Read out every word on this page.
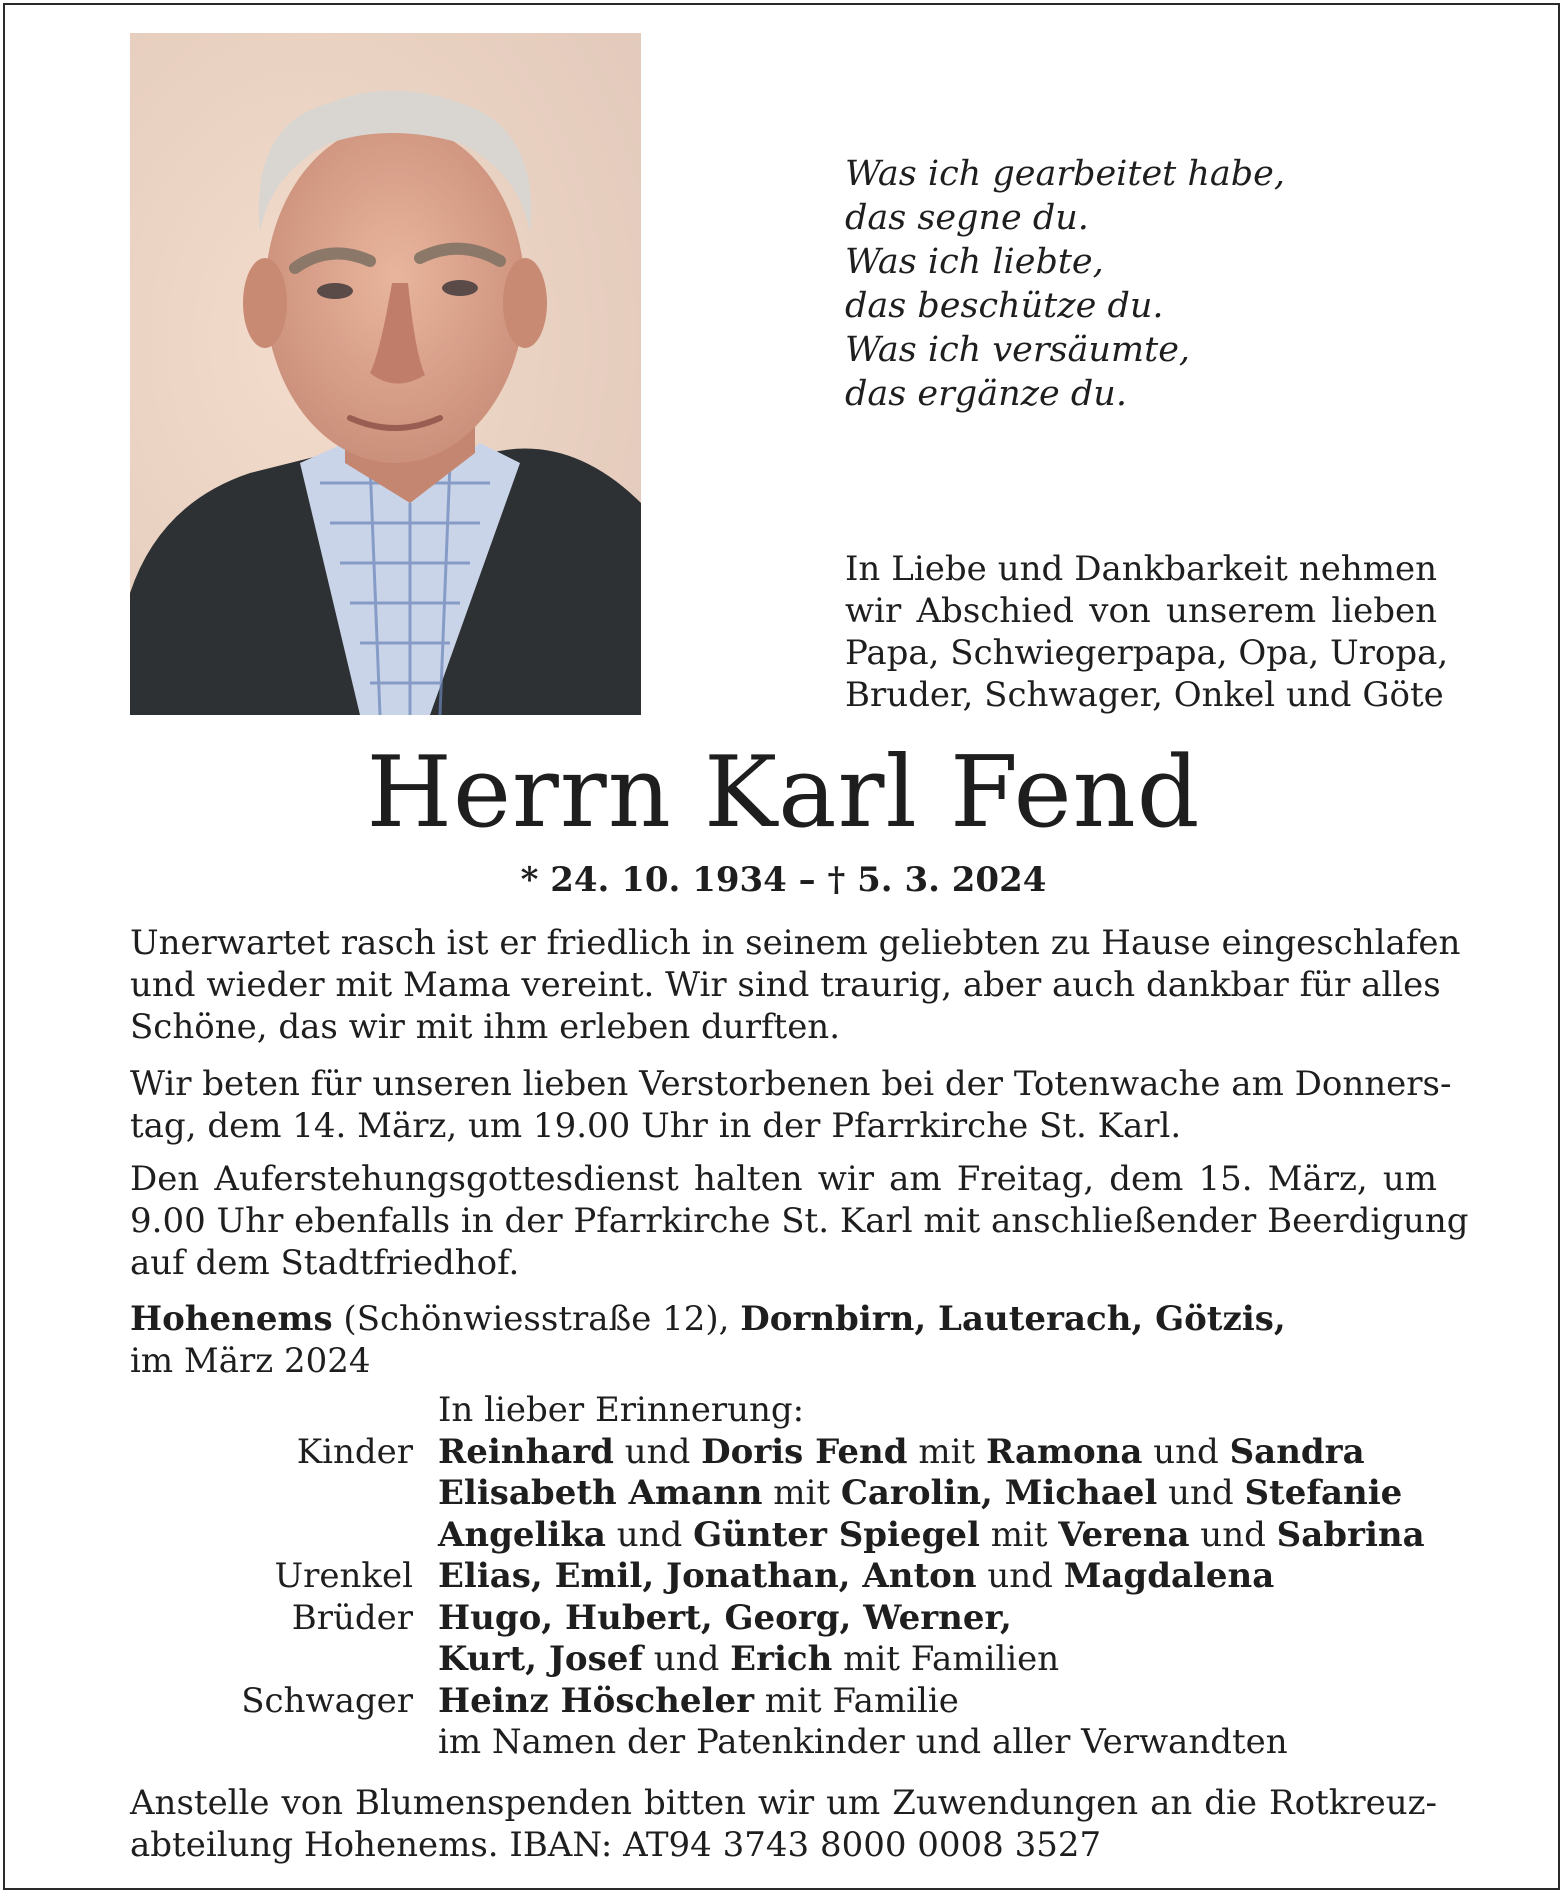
Was ich gearbeitet habe,
das segne du.
Was ich liebte,
das beschütze du.
Was ich versäumte,
das ergänze du.
In Liebe und Dankbarkeit nehmen
wir Abschied von unserem lieben
Papa, Schwiegerpapa, Opa, Uropa,
Bruder, Schwager, Onkel und Göte
Herrn Karl Fend
* 24. 10. 1934 – † 5. 3. 2024
Unerwartet rasch ist er friedlich in seinem geliebten zu Hause eingeschlafen
und wieder mit Mama vereint. Wir sind traurig, aber auch dankbar für alles
Schöne, das wir mit ihm erleben durften.
Wir beten für unseren lieben Verstorbenen bei der Totenwache am Donners-
tag, dem 14. März, um 19.00 Uhr in der Pfarrkirche St. Karl.
Den Auferstehungsgottesdienst halten wir am Freitag, dem 15. März, um
9.00 Uhr ebenfalls in der Pfarrkirche St. Karl mit anschließender Beerdigung
auf dem Stadtfriedhof.
Hohenems (Schönwiesstraße 12), Dornbirn, Lauterach, Götzis,
im März 2024
In lieber Erinnerung:
Kinder Reinhard und Doris Fend mit Ramona und Sandra
Elisabeth Amann mit Carolin, Michael und Stefanie
Angelika und Günter Spiegel mit Verena und Sabrina
Urenkel Elias, Emil, Jonathan, Anton und Magdalena
Brüder Hugo, Hubert, Georg, Werner,
Kurt, Josef und Erich mit Familien
Schwager Heinz Höscheler mit Familie
im Namen der Patenkinder und aller Verwandten
Anstelle von Blumenspenden bitten wir um Zuwendungen an die Rotkreuz-
abteilung Hohenems. IBAN: AT94 3743 8000 0008 3527
